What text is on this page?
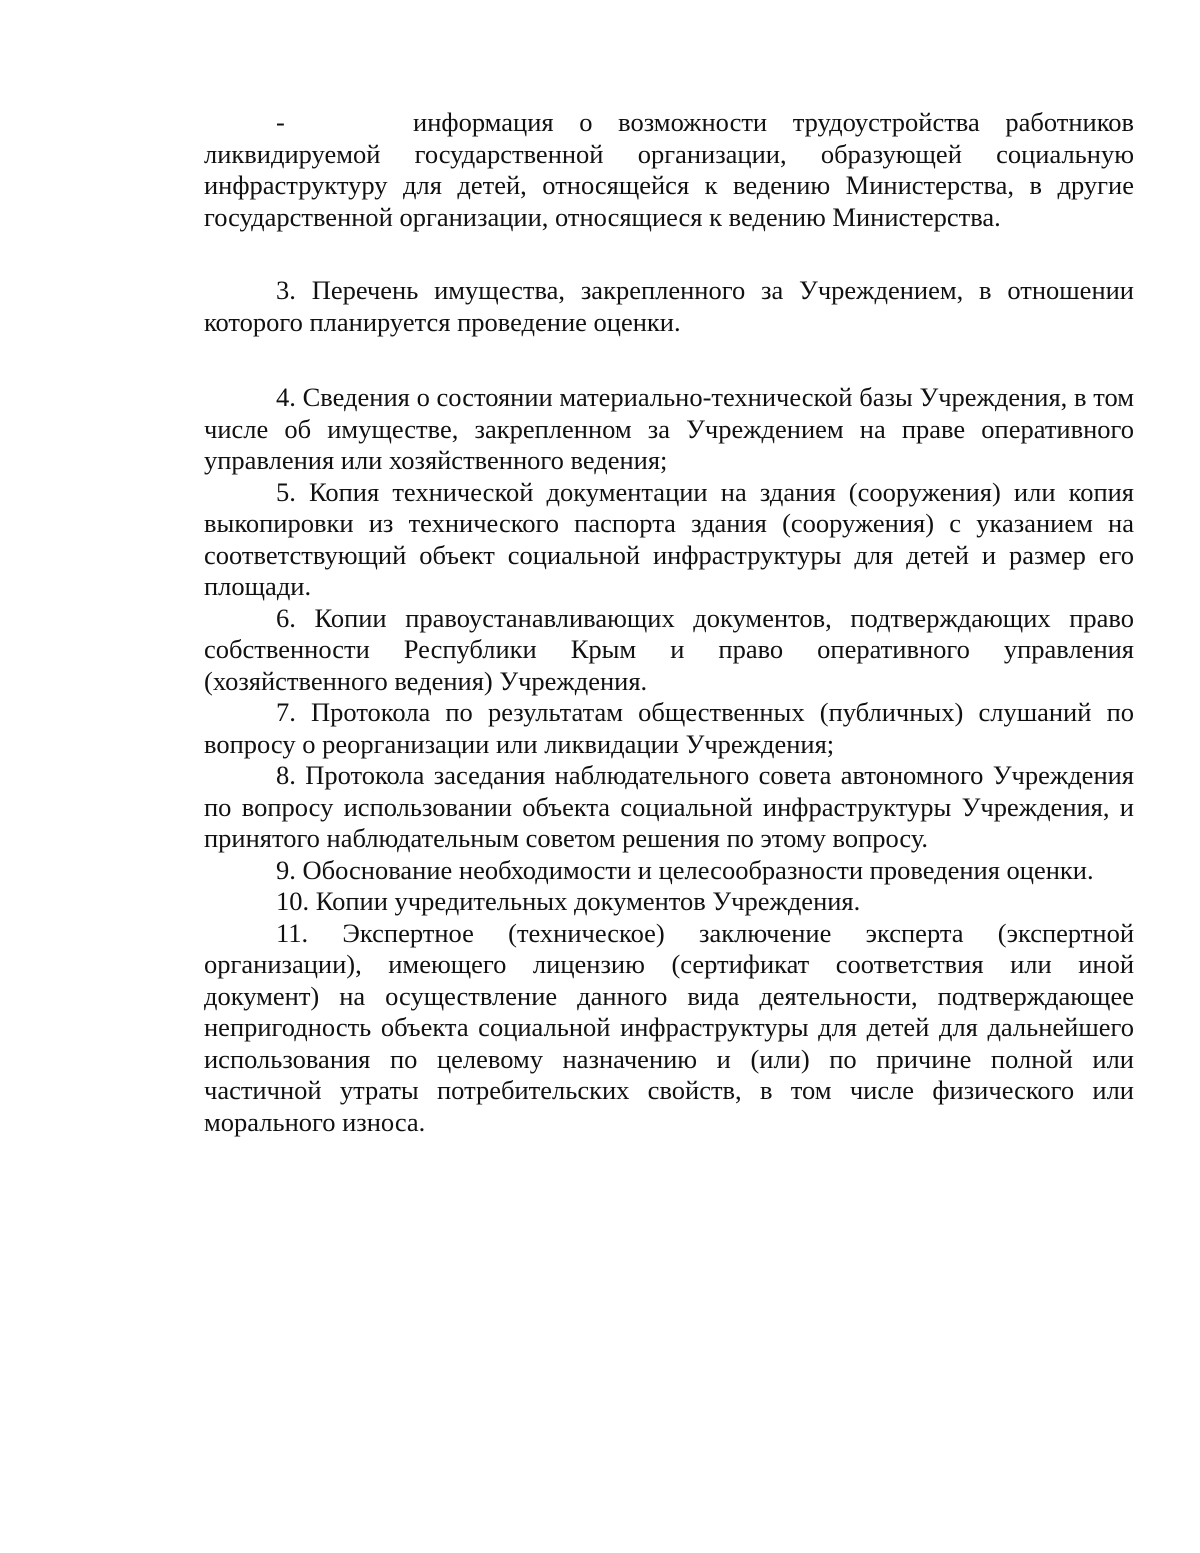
-     информация о возможности трудоустройства работников ликвидируемой государственной организации, образующей социальную инфраструктуру для детей, относящейся к ведению Министерства, в другие государственной организации, относящиеся к ведению Министерства.

3. Перечень имущества, закрепленного за Учреждением, в отношении которого планируется проведение оценки.

4. Сведения о состоянии материально-технической базы Учреждения, в том числе об имуществе, закрепленном за Учреждением на праве оперативного управления или хозяйственного ведения;

5. Копия технической документации на здания (сооружения) или копия выкопировки из технического паспорта здания (сооружения) с указанием на соответствующий объект социальной инфраструктуры для детей и размер его площади.

6. Копии правоустанавливающих документов, подтверждающих право собственности Республики Крым и право оперативного управления (хозяйственного ведения) Учреждения.

7. Протокола по результатам общественных (публичных) слушаний по вопросу о реорганизации или ликвидации Учреждения;

8. Протокола заседания наблюдательного совета автономного Учреждения по вопросу использовании объекта социальной инфраструктуры Учреждения, и принятого наблюдательным советом решения по этому вопросу.

9. Обоснование необходимости и целесообразности проведения оценки.

10. Копии учредительных документов Учреждения.

11. Экспертное (техническое) заключение эксперта (экспертной организации), имеющего лицензию (сертификат соответствия или иной документ) на осуществление данного вида деятельности, подтверждающее непригодность объекта социальной инфраструктуры для детей для дальнейшего использования по целевому назначению и (или) по причине полной или частичной утраты потребительских свойств, в том числе физического или морального износа.
